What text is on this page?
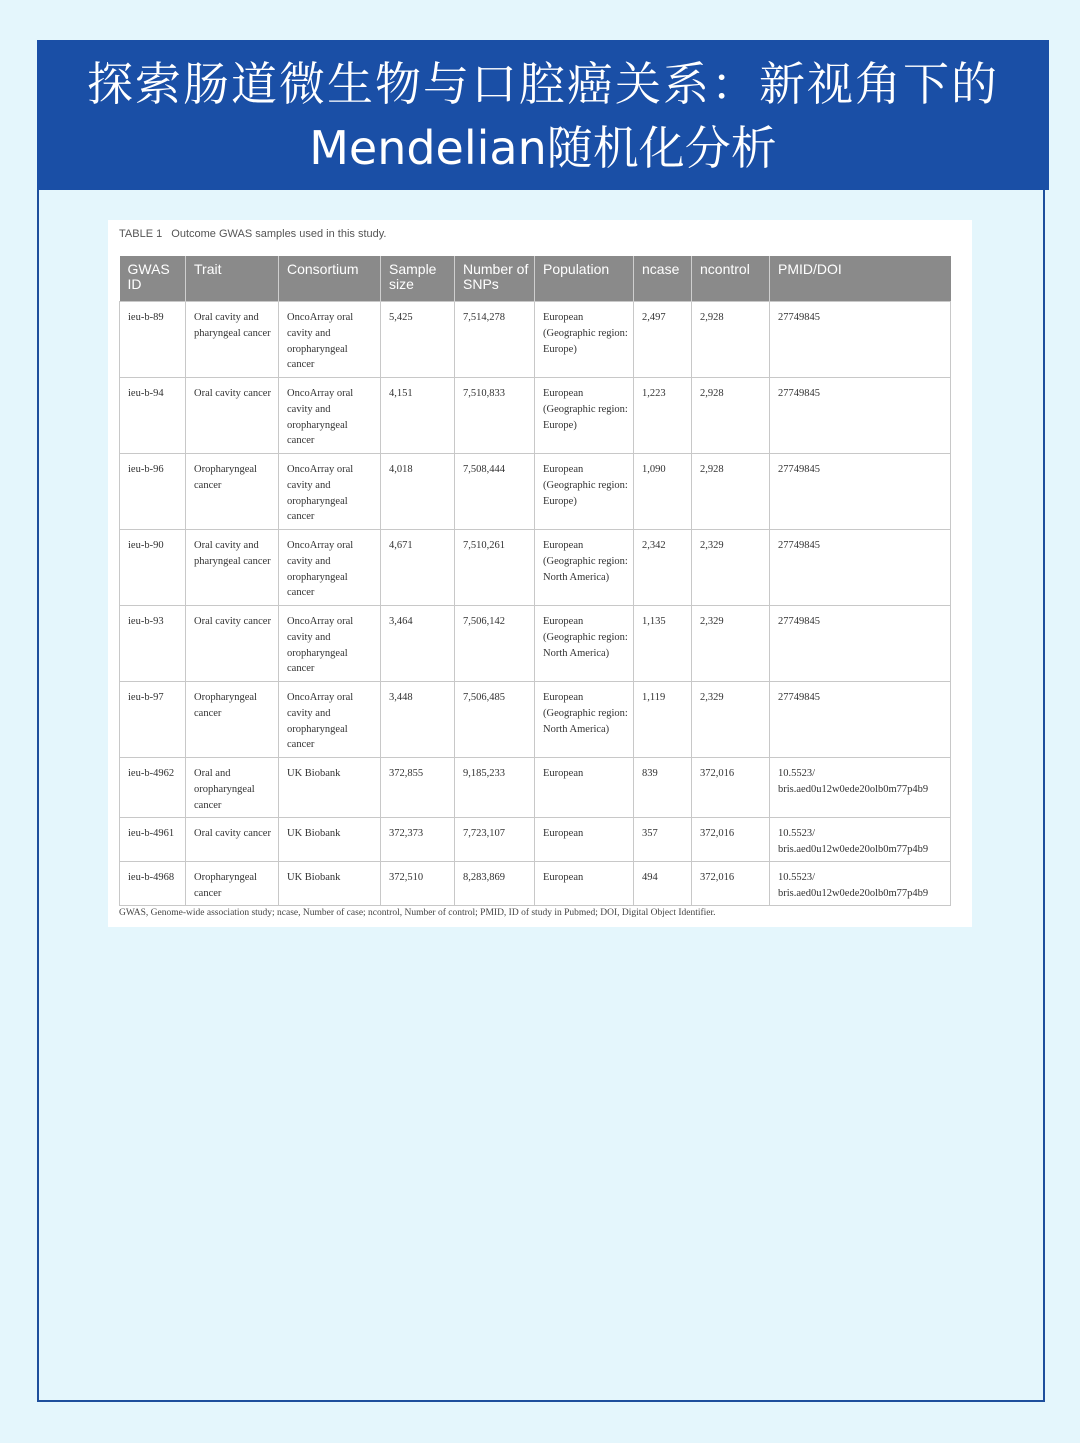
探索肠道微生物与口腔癌关系：新视角下的
Mendelian随机化分析
TABLE 1 Outcome GWAS samples used in this study.
GWAS ID	Trait	Consortium	Sample size	Number of SNPs	Population	ncase	ncontrol	PMID/DOI
ieu-b-89	Oral cavity and pharyngeal cancer	OncoArray oral cavity and oropharyngeal cancer	5,425	7,514,278	European (Geographic region: Europe)	2,497	2,928	27749845
ieu-b-94	Oral cavity cancer	OncoArray oral cavity and oropharyngeal cancer	4,151	7,510,833	European (Geographic region: Europe)	1,223	2,928	27749845
ieu-b-96	Oropharyngeal cancer	OncoArray oral cavity and oropharyngeal cancer	4,018	7,508,444	European (Geographic region: Europe)	1,090	2,928	27749845
ieu-b-90	Oral cavity and pharyngeal cancer	OncoArray oral cavity and oropharyngeal cancer	4,671	7,510,261	European (Geographic region: North America)	2,342	2,329	27749845
ieu-b-93	Oral cavity cancer	OncoArray oral cavity and oropharyngeal cancer	3,464	7,506,142	European (Geographic region: North America)	1,135	2,329	27749845
ieu-b-97	Oropharyngeal cancer	OncoArray oral cavity and oropharyngeal cancer	3,448	7,506,485	European (Geographic region: North America)	1,119	2,329	27749845
ieu-b-4962	Oral and oropharyngeal cancer	UK Biobank	372,855	9,185,233	European	839	372,016	10.5523/ bris.aed0u12w0ede20olb0m77p4b9
ieu-b-4961	Oral cavity cancer	UK Biobank	372,373	7,723,107	European	357	372,016	10.5523/ bris.aed0u12w0ede20olb0m77p4b9
ieu-b-4968	Oropharyngeal cancer	UK Biobank	372,510	8,283,869	European	494	372,016	10.5523/ bris.aed0u12w0ede20olb0m77p4b9
GWAS, Genome-wide association study; ncase, Number of case; ncontrol, Number of control; PMID, ID of study in Pubmed; DOI, Digital Object Identifier.
